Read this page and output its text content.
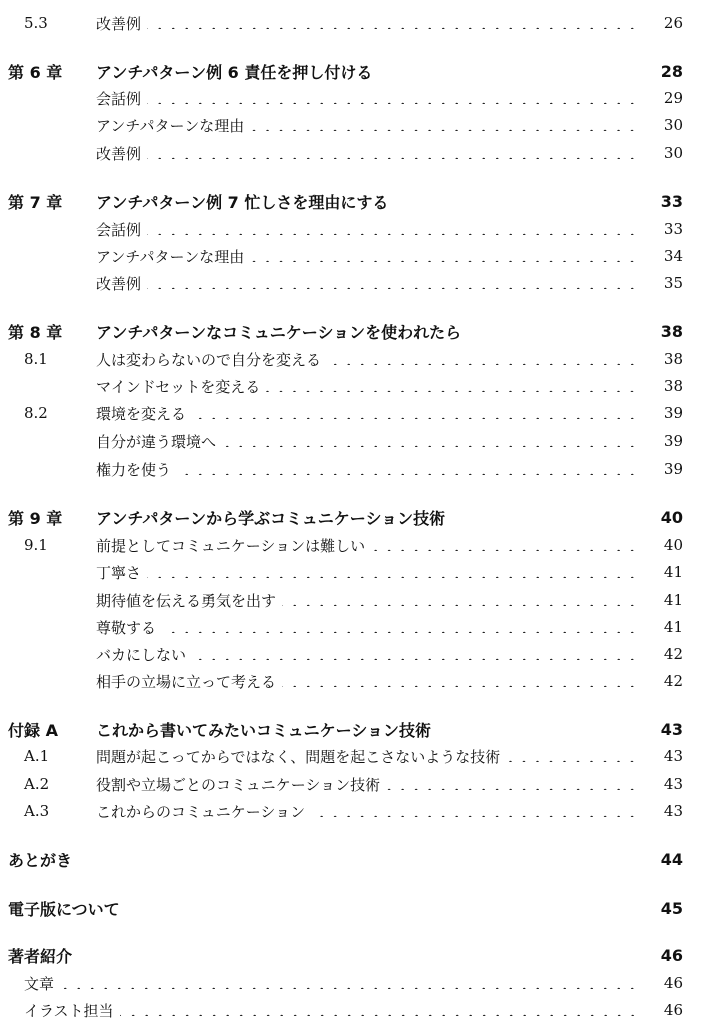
5.3	改善例	26
第 6 章 アンチパターン例 6 責任を押し付ける	28
会話例	29
アンチパターンな理由	30
改善例	30
第 7 章 アンチパターン例 7 忙しさを理由にする	33
会話例	33
アンチパターンな理由	34
改善例	35
第 8 章 アンチパターンなコミュニケーションを使われたら	38
8.1	人は変わらないので自分を変える	38
マインドセットを変える	38
8.2	環境を変える	39
自分が違う環境へ	39
権力を使う	39
第 9 章 アンチパターンから学ぶコミュニケーション技術	40
9.1	前提としてコミュニケーションは難しい	40
丁寧さ	41
期待値を伝える勇気を出す	41
尊敬する	41
バカにしない	42
相手の立場に立って考える	42
付録 A これから書いてみたいコミュニケーション技術	43
A.1	問題が起こってからではなく、問題を起こさないような技術	43
A.2	役割や立場ごとのコミュニケーション技術	43
A.3	これからのコミュニケーション	43
あとがき	44
電子版について	45
著者紹介	46
文章	46
イラスト担当	46
